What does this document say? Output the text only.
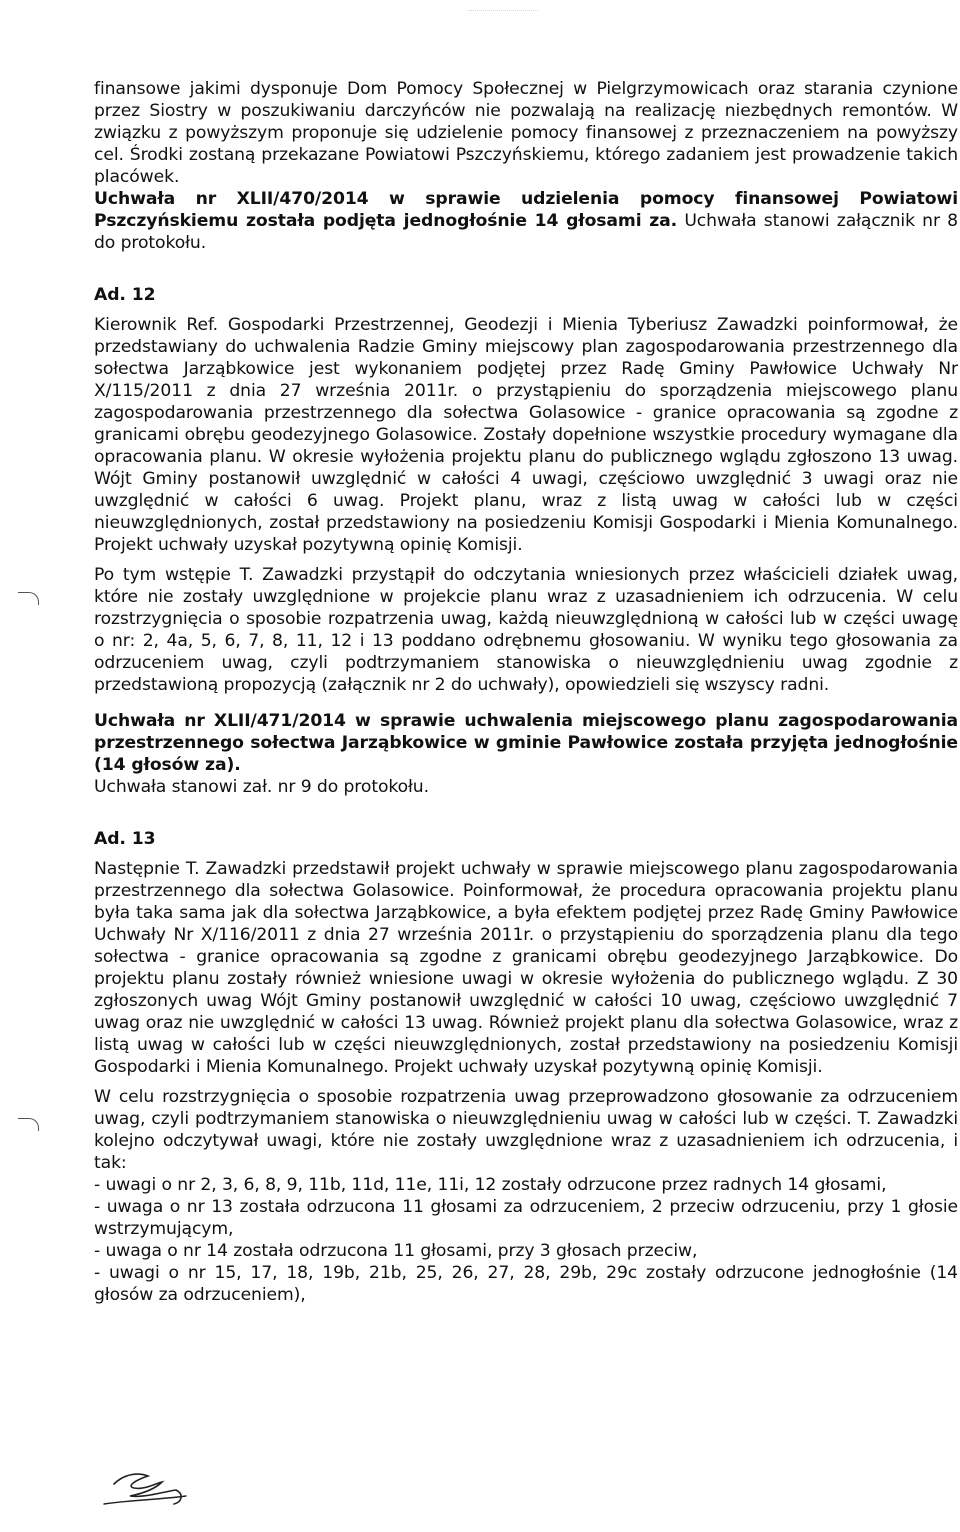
finansowe jakimi dysponuje Dom Pomocy Społecznej w Pielgrzymowicach oraz starania czynione przez Siostry w poszukiwaniu darczyńców nie pozwalają na realizację niezbędnych remontów. W związku z powyższym proponuje się udzielenie pomocy finansowej z przeznaczeniem na powyższy cel. Środki zostaną przekazane Powiatowi Pszczyńskiemu, którego zadaniem jest prowadzenie takich placówek.

Uchwała nr XLII/470/2014 w sprawie udzielenia pomocy finansowej Powiatowi Pszczyńskiemu została podjęta jednogłośnie 14 głosami za. Uchwała stanowi załącznik nr 8 do protokołu.

Ad. 12

Kierownik Ref. Gospodarki Przestrzennej, Geodezji i Mienia Tyberiusz Zawadzki poinformował, że przedstawiany do uchwalenia Radzie Gminy miejscowy plan zagospodarowania przestrzennego dla sołectwa Jarząbkowice jest wykonaniem podjętej przez Radę Gminy Pawłowice Uchwały Nr X/115/2011 z dnia 27 września 2011r. o przystąpieniu do sporządzenia miejscowego planu zagospodarowania przestrzennego dla sołectwa Golasowice - granice opracowania są zgodne z granicami obrębu geodezyjnego Golasowice. Zostały dopełnione wszystkie procedury wymagane dla opracowania planu. W okresie wyłożenia projektu planu do publicznego wglądu zgłoszono 13 uwag. Wójt Gminy postanowił uwzględnić w całości 4 uwagi, częściowo uwzględnić 3 uwagi oraz nie uwzględnić w całości 6 uwag. Projekt planu, wraz z listą uwag w całości lub w części nieuwzględnionych, został przedstawiony na posiedzeniu Komisji Gospodarki i Mienia Komunalnego. Projekt uchwały uzyskał pozytywną opinię Komisji.

Po tym wstępie T. Zawadzki przystąpił do odczytania wniesionych przez właścicieli działek uwag, które nie zostały uwzględnione w projekcie planu wraz z uzasadnieniem ich odrzucenia. W celu rozstrzygnięcia o sposobie rozpatrzenia uwag, każdą nieuwzględnioną w całości lub w części uwagę o nr: 2, 4a, 5, 6, 7, 8, 11, 12 i 13 poddano odrębnemu głosowaniu. W wyniku tego głosowania za odrzuceniem uwag, czyli podtrzymaniem stanowiska o nieuwzględnieniu uwag zgodnie z przedstawioną propozycją (załącznik nr 2 do uchwały), opowiedzieli się wszyscy radni.

Uchwała nr XLII/471/2014 w sprawie uchwalenia miejscowego planu zagospodarowania przestrzennego sołectwa Jarząbkowice w gminie Pawłowice została przyjęta jednogłośnie (14 głosów za).

Uchwała stanowi zał. nr 9 do protokołu.

Ad. 13

Następnie T. Zawadzki przedstawił projekt uchwały w sprawie miejscowego planu zagospodarowania przestrzennego dla sołectwa Golasowice. Poinformował, że procedura opracowania projektu planu była taka sama jak dla sołectwa Jarząbkowice, a była efektem podjętej przez Radę Gminy Pawłowice Uchwały Nr X/116/2011 z dnia 27 września 2011r. o przystąpieniu do sporządzenia planu dla tego sołectwa - granice opracowania są zgodne z granicami obrębu geodezyjnego Jarząbkowice. Do projektu planu zostały również wniesione uwagi w okresie wyłożenia do publicznego wglądu. Z 30 zgłoszonych uwag Wójt Gminy postanowił uwzględnić w całości 10 uwag, częściowo uwzględnić 7 uwag oraz nie uwzględnić w całości 13 uwag. Również projekt planu dla sołectwa Golasowice, wraz z listą uwag w całości lub w części nieuwzględnionych, został przedstawiony na posiedzeniu Komisji Gospodarki i Mienia Komunalnego. Projekt uchwały uzyskał pozytywną opinię Komisji.

W celu rozstrzygnięcia o sposobie rozpatrzenia uwag przeprowadzono głosowanie za odrzuceniem uwag, czyli podtrzymaniem stanowiska o nieuwzględnieniu uwag w całości lub w części. T. Zawadzki kolejno odczytywał uwagi, które nie zostały uwzględnione wraz z uzasadnieniem ich odrzucenia, i tak:

- uwagi o nr 2, 3, 6, 8, 9, 11b, 11d, 11e, 11i, 12 zostały odrzucone przez radnych 14 głosami,

- uwaga o nr 13 została odrzucona 11 głosami za odrzuceniem, 2 przeciw odrzuceniu, przy 1 głosie wstrzymującym,

- uwaga o nr 14 została odrzucona 11 głosami, przy 3 głosach przeciw,

- uwagi o nr 15, 17, 18, 19b, 21b, 25, 26, 27, 28, 29b, 29c zostały odrzucone jednogłośnie (14 głosów za odrzuceniem),
